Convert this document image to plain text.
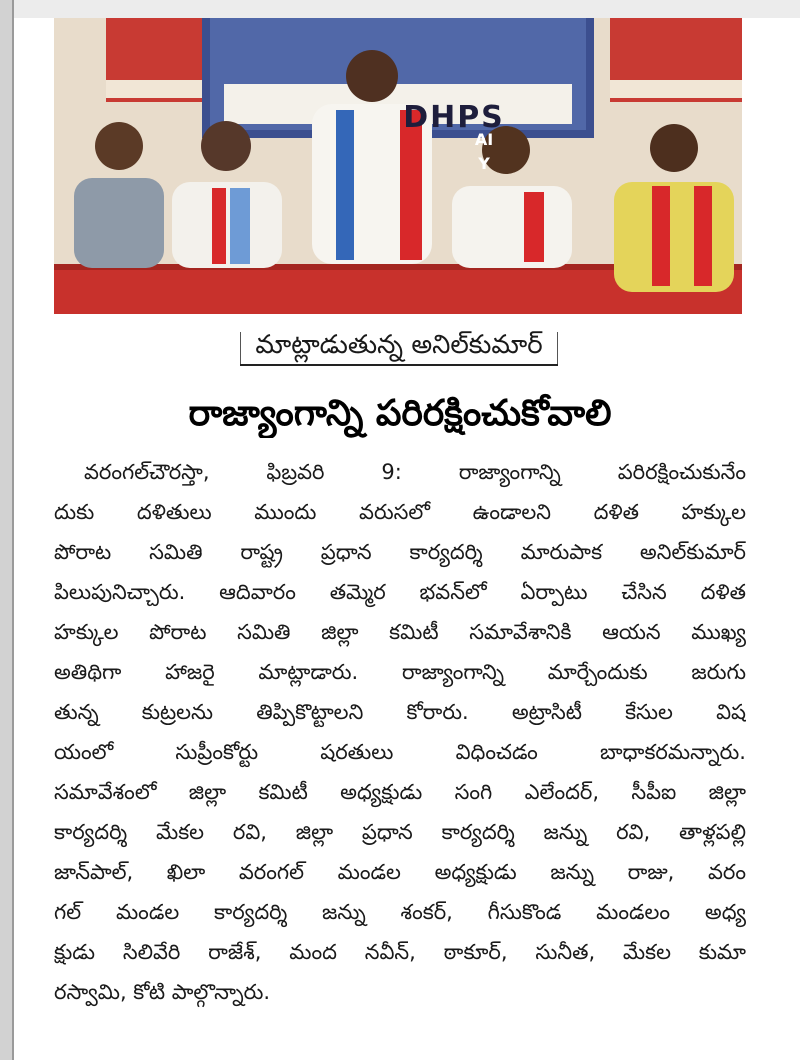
DHPS
AIY
మాట్లాడుతున్న అనిల్‌కుమార్
రాజ్యాంగాన్ని పరిరక్షించుకోవాలి
వరంగల్‌చౌరస్తా, ఫిబ్రవరి 9: రాజ్యాంగాన్ని పరిరక్షించుకునేం
దుకు దళితులు ముందు వరుసలో ఉండాలని దళిత హక్కుల
పోరాట సమితి రాష్ట్ర ప్రధాన కార్యదర్శి మారుపాక అనిల్‌కుమార్
పిలుపునిచ్చారు. ఆదివారం తమ్మెర భవన్‌లో ఏర్పాటు చేసిన దళిత
హక్కుల పోరాట సమితి జిల్లా కమిటీ సమావేశానికి ఆయన ముఖ్య
అతిథిగా హాజరై మాట్లాడారు. రాజ్యాంగాన్ని మార్చేందుకు జరుగు
తున్న కుట్రలను తిప్పికొట్టాలని కోరారు. అట్రాసిటీ కేసుల విష
యంలో సుప్రీంకోర్టు షరతులు విధించడం బాధాకరమన్నారు.
సమావేశంలో జిల్లా కమిటీ అధ్యక్షుడు సంగి ఎలేందర్, సీపీఐ జిల్లా
కార్యదర్శి మేకల రవి, జిల్లా ప్రధాన కార్యదర్శి జన్ను రవి, తాళ్లపల్లి
జాన్‌పాల్, ఖిలా వరంగల్ మండల అధ్యక్షుడు జన్ను రాజు, వరం
గల్ మండల కార్యదర్శి జన్ను శంకర్, గీసుకొండ మండలం అధ్య
క్షుడు సిలివేరి రాజేశ్, మంద నవీన్, ఠాకూర్, సునీత, మేకల కుమా
రస్వామి, కోటి పాల్గొన్నారు.
